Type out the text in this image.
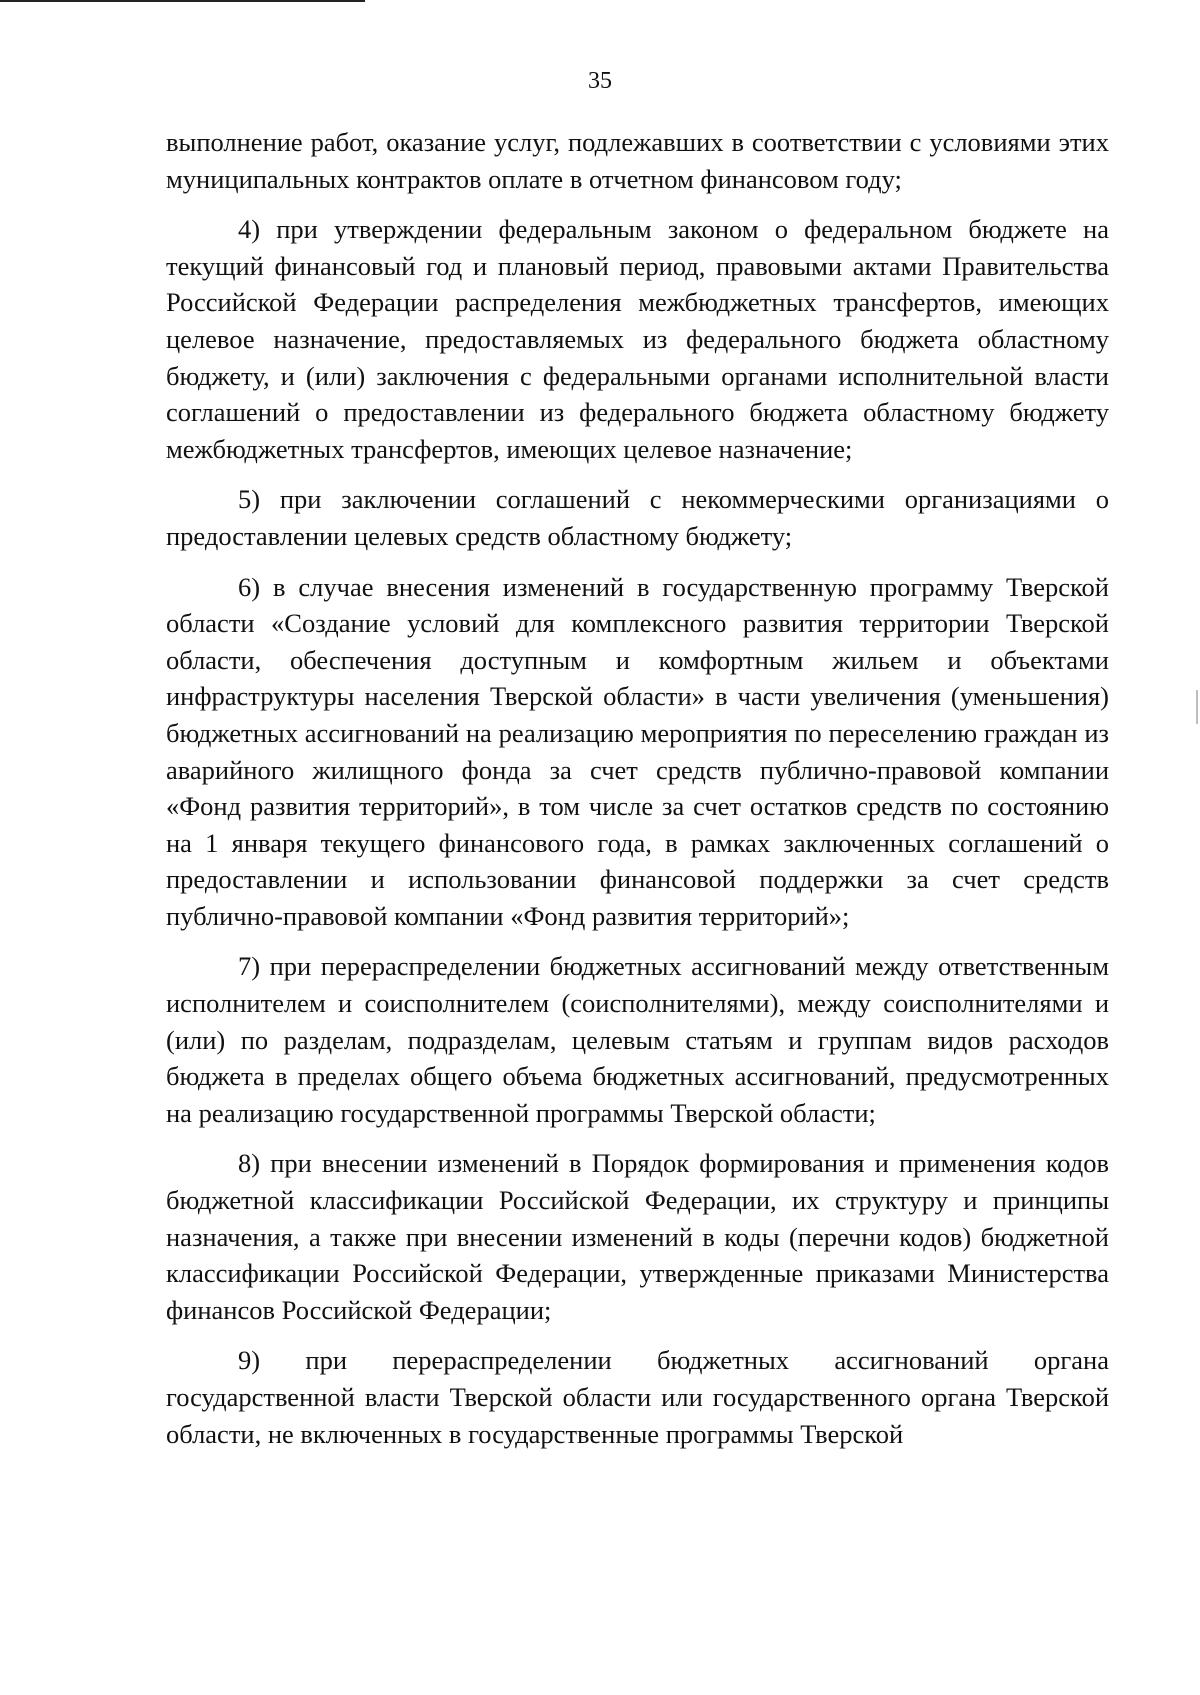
35

выполнение работ, оказание услуг, подлежавших в соответствии с условиями этих муниципальных контрактов оплате в отчетном финансовом году;

4) при утверждении федеральным законом о федеральном бюджете на текущий финансовый год и плановый период, правовыми актами Правительства Российской Федерации распределения межбюджетных трансфертов, имеющих целевое назначение, предоставляемых из федерального бюджета областному бюджету, и (или) заключения с федеральными органами исполнительной власти соглашений о предоставлении из федерального бюджета областному бюджету межбюджетных трансфертов, имеющих целевое назначение;

5) при заключении соглашений с некоммерческими организациями о предоставлении целевых средств областному бюджету;

6) в случае внесения изменений в государственную программу Тверской области «Создание условий для комплексного развития территории Тверской области, обеспечения доступным и комфортным жильем и объектами инфраструктуры населения Тверской области» в части увеличения (уменьшения) бюджетных ассигнований на реализацию мероприятия по переселению граждан из аварийного жилищного фонда за счет средств публично-правовой компании «Фонд развития территорий», в том числе за счет остатков средств по состоянию на 1 января текущего финансового года, в рамках заключенных соглашений о предоставлении и использовании финансовой поддержки за счет средств публично-правовой компании «Фонд развития территорий»;

7) при перераспределении бюджетных ассигнований между ответственным исполнителем и соисполнителем (соисполнителями), между соисполнителями и (или) по разделам, подразделам, целевым статьям и группам видов расходов бюджета в пределах общего объема бюджетных ассигнований, предусмотренных на реализацию государственной программы Тверской области;

8) при внесении изменений в Порядок формирования и применения кодов бюджетной классификации Российской Федерации, их структуру и принципы назначения, а также при внесении изменений в коды (перечни кодов) бюджетной классификации Российской Федерации, утвержденные приказами Министерства финансов Российской Федерации;

9) при перераспределении бюджетных ассигнований органа государственной власти Тверской области или государственного органа Тверской области, не включенных в государственные программы Тверской
